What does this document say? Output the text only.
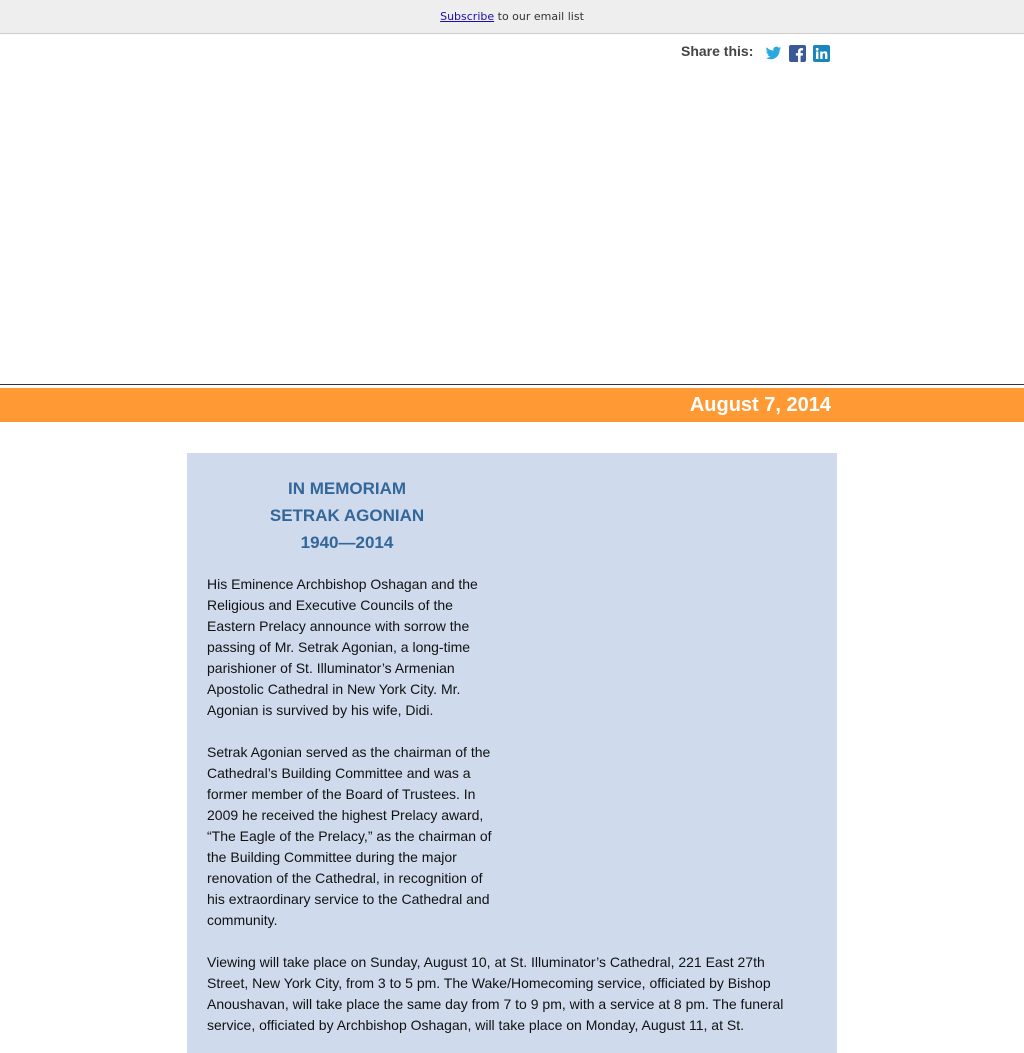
Subscribe to our email list
Share this:
August 7, 2014
IN MEMORIAM
SETRAK AGONIAN
1940—2014
His Eminence Archbishop Oshagan and the Religious and Executive Councils of the Eastern Prelacy announce with sorrow the passing of Mr. Setrak Agonian, a long-time parishioner of St. Illuminator’s Armenian Apostolic Cathedral in New York City. Mr. Agonian is survived by his wife, Didi.
Setrak Agonian served as the chairman of the Cathedral’s Building Committee and was a former member of the Board of Trustees. In 2009 he received the highest Prelacy award, “The Eagle of the Prelacy,” as the chairman of the Building Committee during the major renovation of the Cathedral, in recognition of his extraordinary service to the Cathedral and community.
Viewing will take place on Sunday, August 10, at St. Illuminator’s Cathedral, 221 East 27th Street, New York City, from 3 to 5 pm. The Wake/Homecoming service, officiated by Bishop Anoushavan, will take place the same day from 7 to 9 pm, with a service at 8 pm. The funeral service, officiated by Archbishop Oshagan, will take place on Monday, August 11, at St.
